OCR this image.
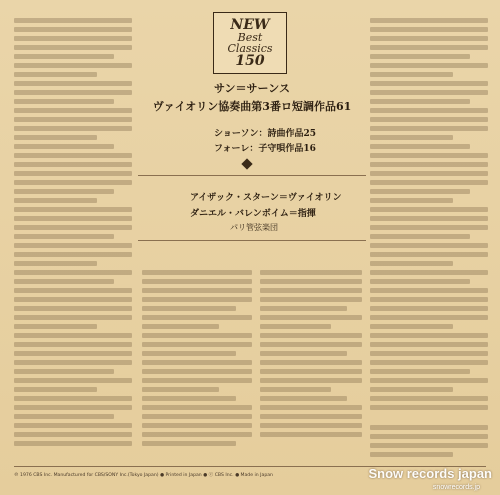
NEW
Best
Classics
150
サン＝サーンス
ヴァイオリン協奏曲第3番ロ短調作品61
ショーソン：詩曲作品25
フォーレ：子守唄作品16
アイザック・スターン＝ヴァイオリン
ダニエル・バレンボイム＝指揮
パリ管弦楽団
℗ 1976 CBS Inc. Manufactured for CBS/SONY Inc.(Tokyo Japan) ● Printed in Japan ● ⓒ CBS Inc. ● Made in Japan	Snow records japan
snowrecords.jp
